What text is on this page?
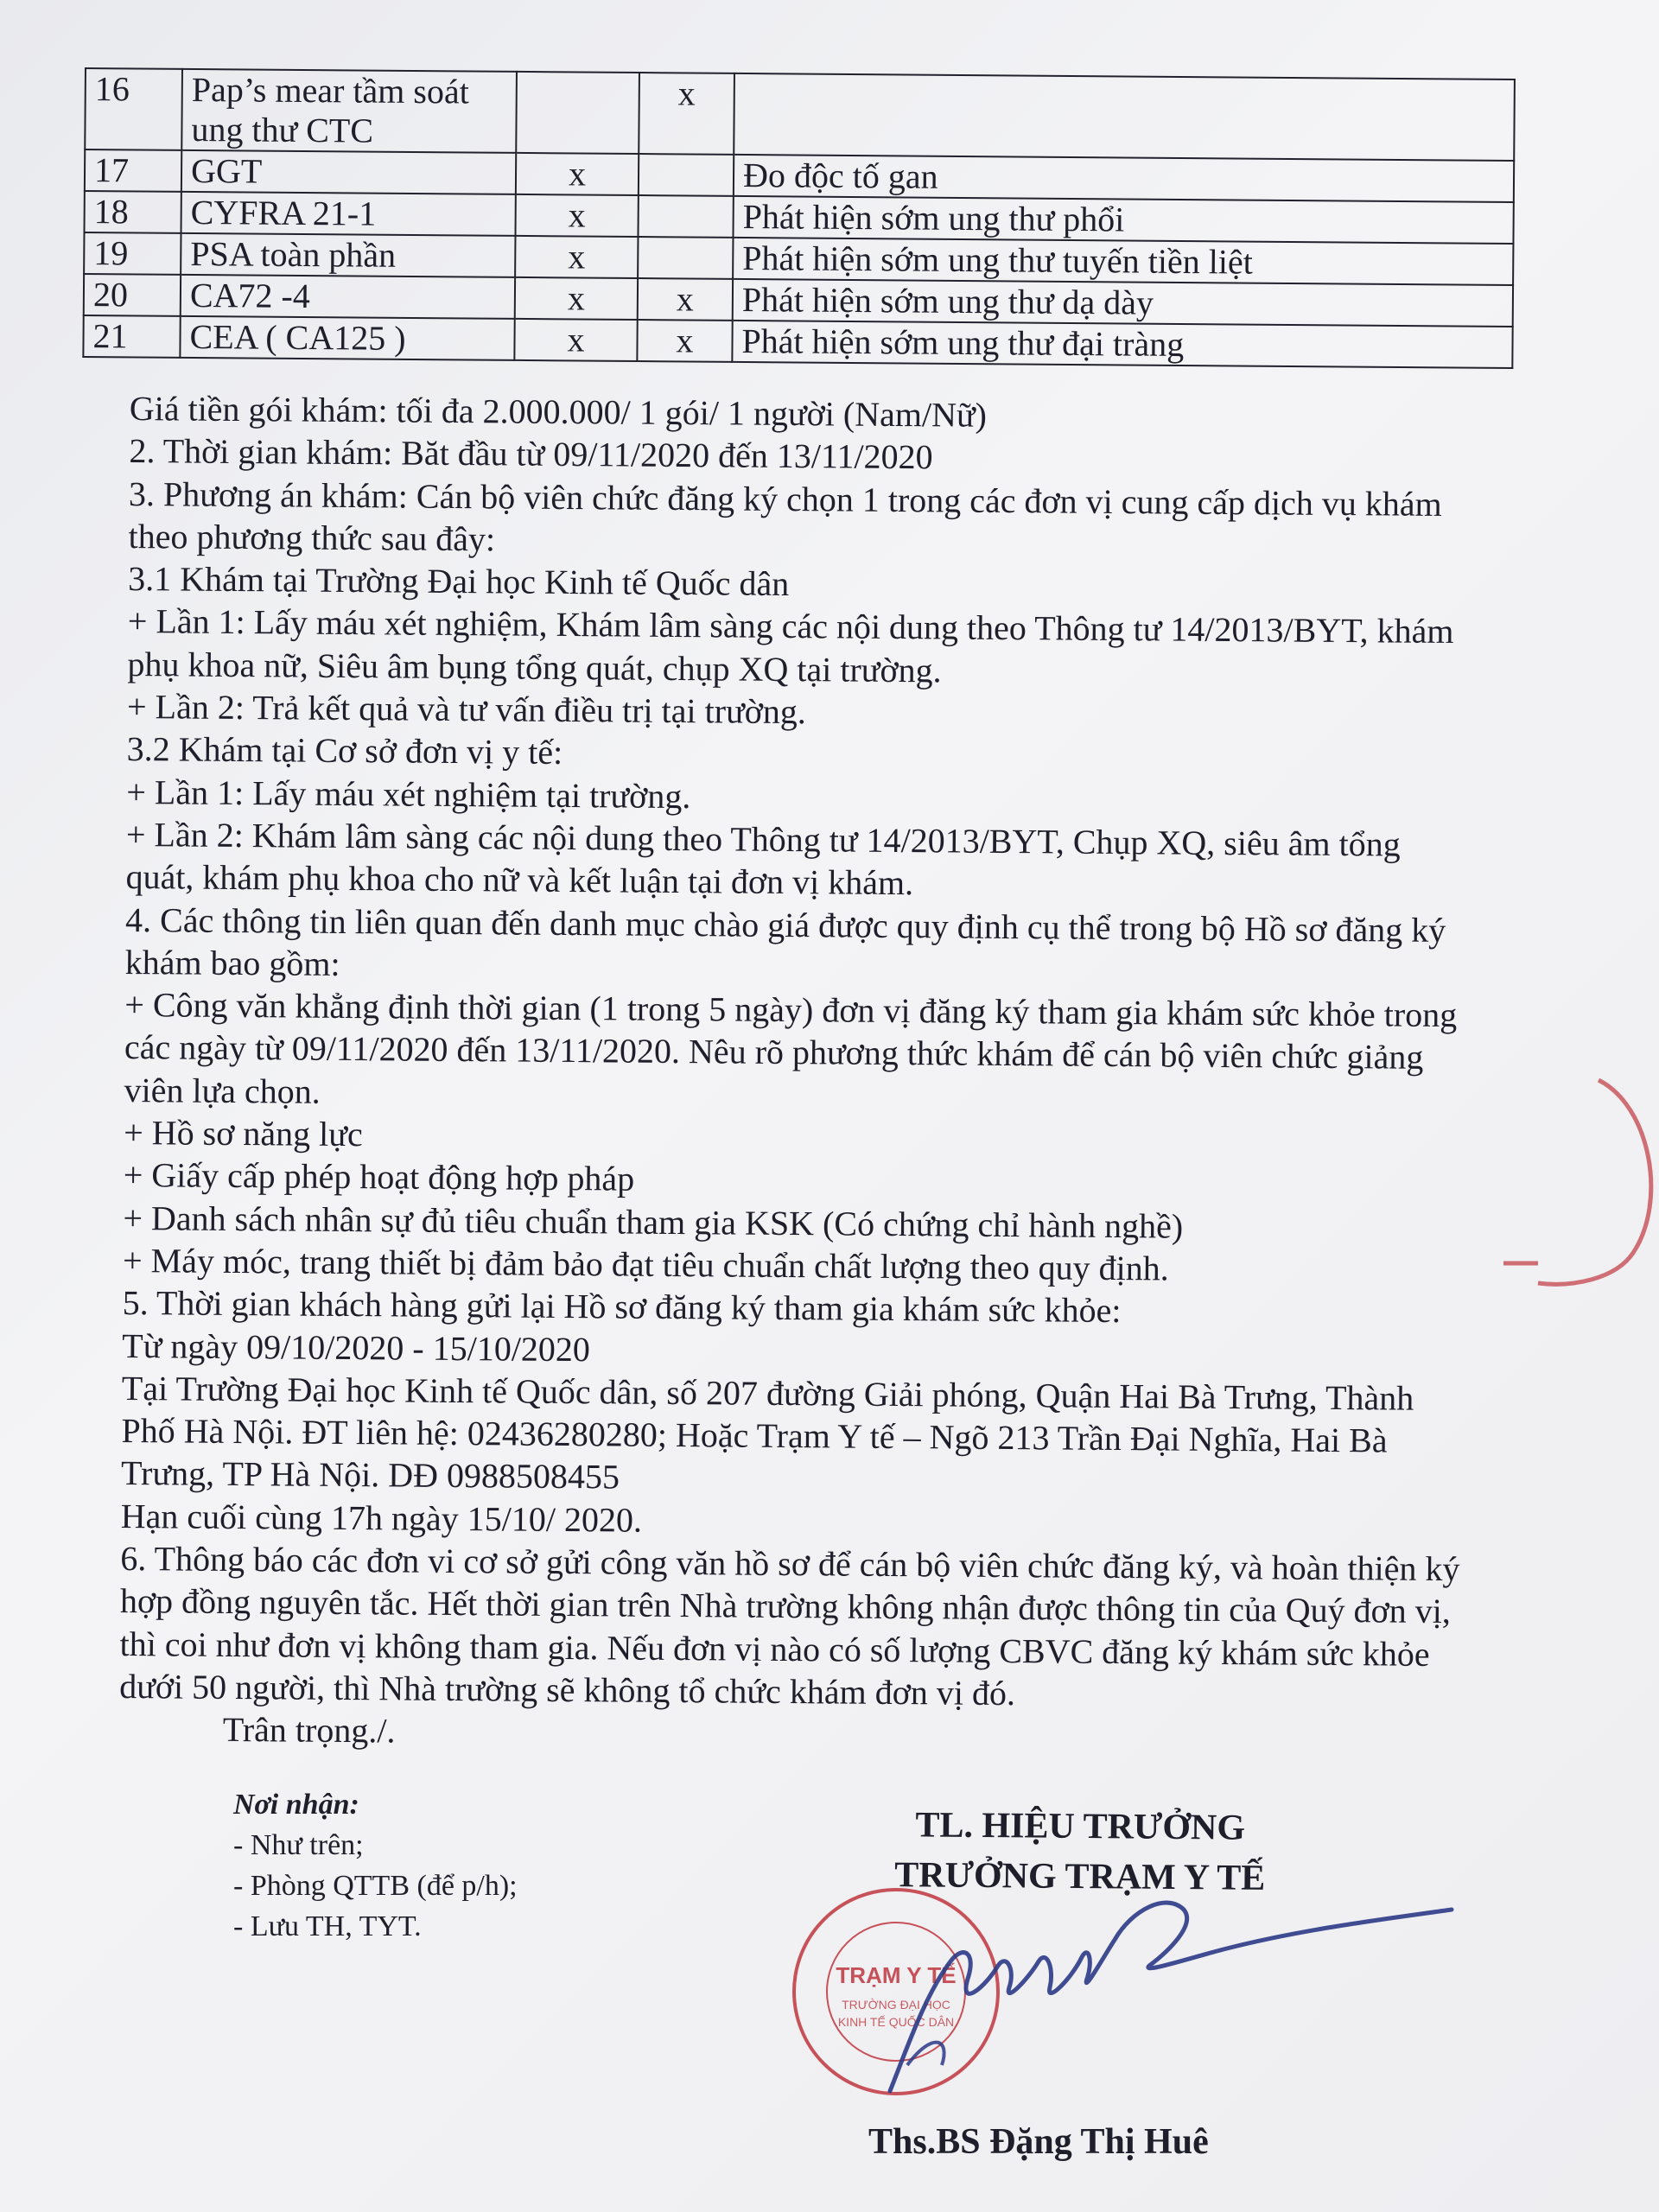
16	Pap’s mear tầm soát ung thư CTC		x	
17	GGT	x		Đo độc tố gan
18	CYFRA 21-1	x		Phát hiện sớm ung thư phổi
19	PSA toàn phần	x		Phát hiện sớm ung thư tuyến tiền liệt
20	CA72 -4	x	x	Phát hiện sớm ung thư dạ dày
21	CEA ( CA125 )	x	x	Phát hiện sớm ung thư đại tràng

Giá tiền gói khám: tối đa 2.000.000/ 1 gói/ 1 người (Nam/Nữ)

2. Thời gian khám: Băt đầu từ 09/11/2020 đến 13/11/2020

3. Phương án khám: Cán bộ viên chức đăng ký chọn 1 trong các đơn vị cung cấp dịch vụ khám theo phương thức sau đây:

3.1 Khám tại Trường Đại học Kinh tế Quốc dân

+ Lần 1: Lấy máu xét nghiệm, Khám lâm sàng các nội dung theo Thông tư 14/2013/BYT, khám phụ khoa nữ, Siêu âm bụng tổng quát, chụp XQ tại trường.

+ Lần 2: Trả kết quả và tư vấn điều trị tại trường.

3.2 Khám tại Cơ sở đơn vị y tế:

+ Lần 1: Lấy máu xét nghiệm tại trường.

+ Lần 2: Khám lâm sàng các nội dung theo Thông tư 14/2013/BYT, Chụp XQ, siêu âm tổng quát, khám phụ khoa cho nữ và kết luận tại đơn vị khám.

4. Các thông tin liên quan đến danh mục chào giá được quy định cụ thể trong bộ Hồ sơ đăng ký khám bao gồm:

+ Công văn khẳng định thời gian (1 trong 5 ngày) đơn vị đăng ký tham gia khám sức khỏe trong các ngày từ 09/11/2020 đến 13/11/2020. Nêu rõ phương thức khám để cán bộ viên chức giảng viên lựa chọn.

+ Hồ sơ năng lực

+ Giấy cấp phép hoạt động hợp pháp

+ Danh sách nhân sự đủ tiêu chuẩn tham gia KSK (Có chứng chỉ hành nghề)

+ Máy móc, trang thiết bị đảm bảo đạt tiêu chuẩn chất lượng theo quy định.

5. Thời gian khách hàng gửi lại Hồ sơ đăng ký tham gia khám sức khỏe:

Từ ngày 09/10/2020 - 15/10/2020

Tại Trường Đại học Kinh tế Quốc dân, số 207 đường Giải phóng, Quận Hai Bà Trưng, Thành Phố Hà Nội. ĐT liên hệ: 02436280280; Hoặc Trạm Y tế – Ngõ 213 Trần Đại Nghĩa, Hai Bà Trưng, TP Hà Nội. DĐ 0988508455

Hạn cuối cùng 17h ngày 15/10/ 2020.

6. Thông báo các đơn vi cơ sở gửi công văn hồ sơ để cán bộ viên chức đăng ký, và hoàn thiện ký hợp đồng nguyên tắc. Hết thời gian trên Nhà trường không nhận được thông tin của Quý đơn vị, thì coi như đơn vị không tham gia. Nếu đơn vị nào có số lượng CBVC đăng ký khám sức khỏe dưới 50 người, thì Nhà trường sẽ không tổ chức khám đơn vị đó.

Trân trọng./.

Nơi nhận:
- Như trên;
- Phòng QTTB (để p/h);
- Lưu TH, TYT.
TL. HIỆU TRƯỞNG
TRƯỞNG TRẠM Y TẾ
TRẠM Y TẾ
TRƯỜNG ĐẠI HỌC
KINH TẾ QUỐC DÂN
Ths.BS Đặng Thị Huê
